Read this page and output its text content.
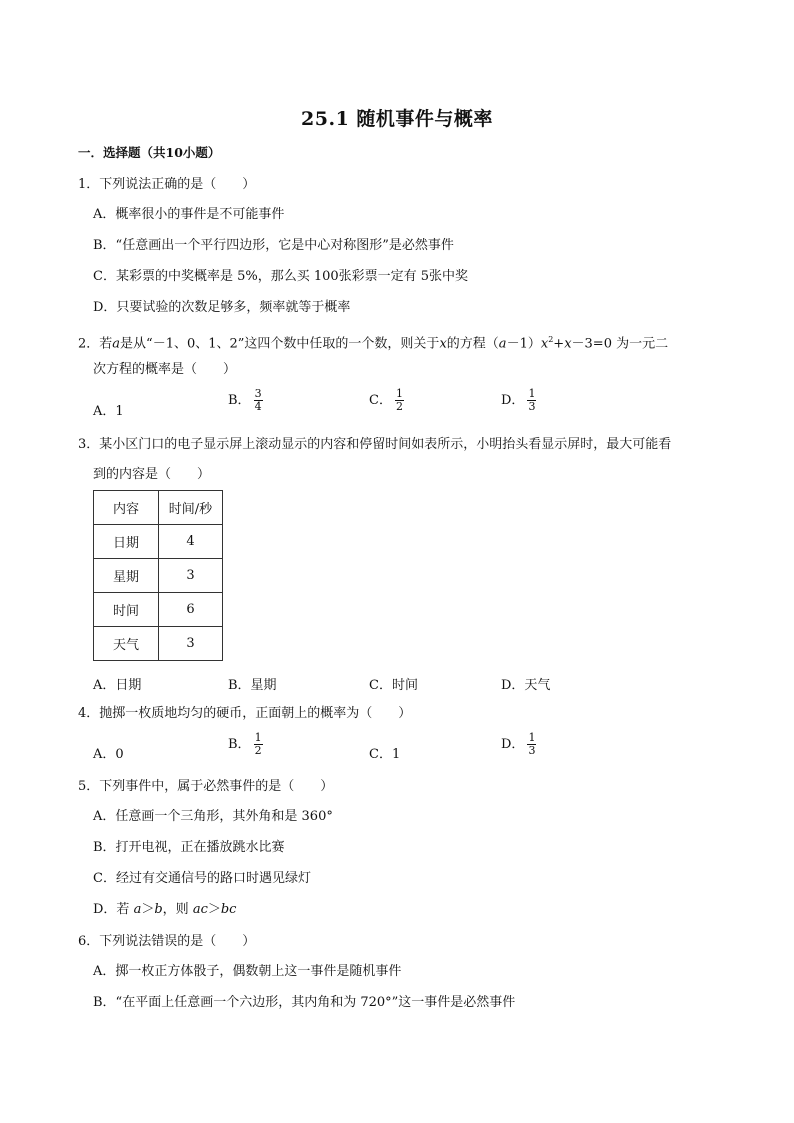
25.1 随机事件与概率
一．选择题（共10小题）
1．下列说法正确的是（　　）
A．概率很小的事件是不可能事件
B．“任意画出一个平行四边形，它是中心对称图形”是必然事件
C．某彩票的中奖概率是 5%，那么买 100张彩票一定有 5张中奖
D．只要试验的次数足够多，频率就等于概率
2．若a是从“－1、0、1、2”这四个数中任取的一个数，则关于x的方程$(a-1)x^2+x-3=0$ 为一元二
次方程的概率是（　　）
A．1
B． $\frac{3}{4}$	C． $\frac{1}{2}$	D． $\frac{1}{3}$
3．某小区门口的电子显示屏上滚动显示的内容和停留时间如表所示，小明抬头看显示屏时，最大可能看
到的内容是（　　）
内容	时间/秒
日期	4
星期	3
时间	6
天气	3
A．日期	B．星期	C．时间	D．天气
4．抛掷一枚质地均匀的硬币，正面朝上的概率为（　　）
A．0
B． $\frac{1}{2}$	C．1
D． $\frac{1}{3}$
5．下列事件中，属于必然事件的是（　　）
A．任意画一个三角形，其外角和是 360°
B．打开电视，正在播放跳水比赛
C．经过有交通信号的路口时遇见绿灯
D．若 a＞b，则 ac＞bc
6．下列说法错误的是（　　）
A．掷一枚正方体骰子，偶数朝上这一事件是随机事件
B．“在平面上任意画一个六边形，其内角和为 720°”这一事件是必然事件
